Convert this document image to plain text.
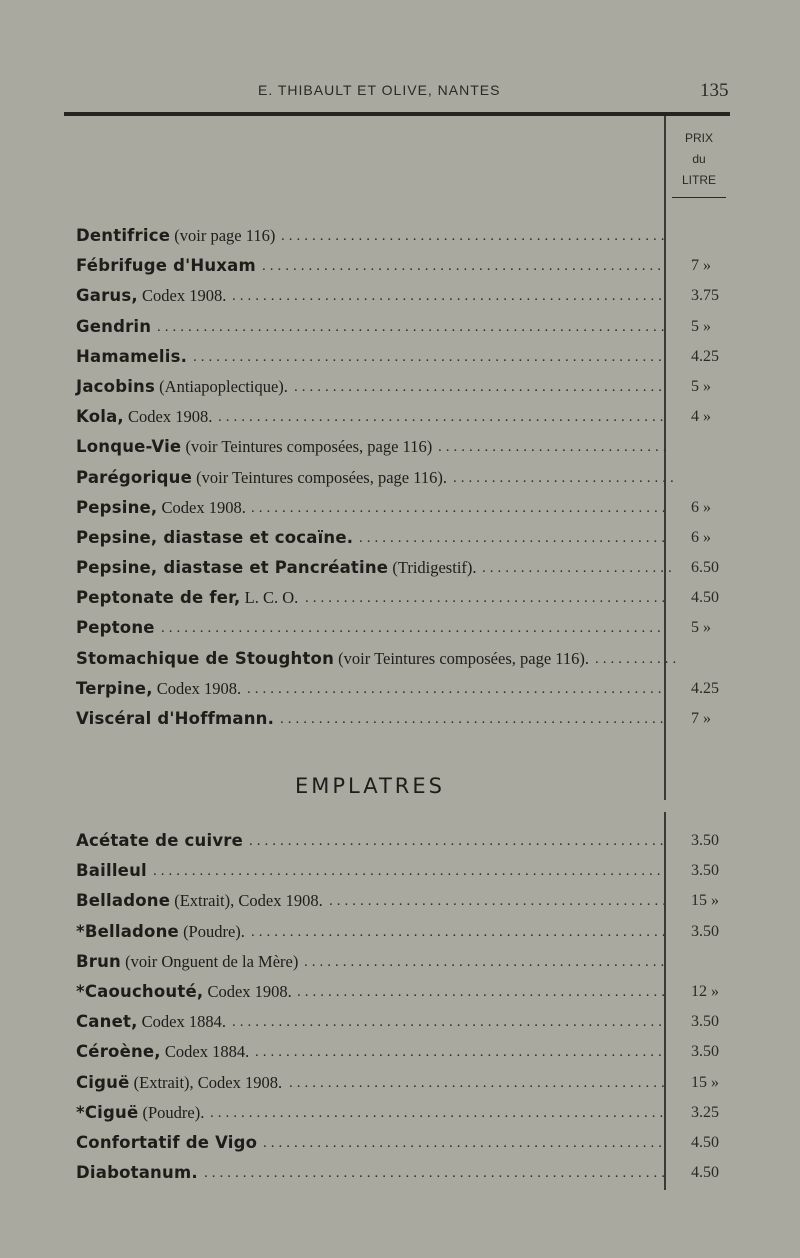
E. THIBAULT ET OLIVE, NANTES	135
PRIX
du
LITRE
Dentifrice (voir page 116) ..................................................
Fébrifuge d'Huxam .................................................... 7 »
Garus, Codex 1908. ........................................................ 3.75
Gendrin .................................................................. 5 »
Hamamelis. ............................................................. 4.25
Jacobins (Antiapoplectique). ................................................ 5 »
Kola, Codex 1908. .......................................................... 4 »
Lonque-Vie (voir Teintures composées, page 116) ..............................
Parégorique (voir Teintures composées, page 116). .............................
Pepsine, Codex 1908. ...................................................... 6 »
Pepsine, diastase et cocaïne. ........................................ 6 »
Pepsine, diastase et Pancréatine (Tridigestif). ......................... 6.50
Peptonate de fer, L. C. O. ............................................... 4.50
Peptone ................................................................. 5 »
Stomachique de Stoughton (voir Teintures composées, page 116). ...........
Terpine, Codex 1908. ...................................................... 4.25
Viscéral d'Hoffmann. .................................................. 7 »
EMPLATRES
Acétate de cuivre ...................................................... 3.50
Bailleul .................................................................. 3.50
Belladone (Extrait), Codex 1908. ............................................ 15 »
*Belladone (Poudre). ...................................................... 3.50
Brun (voir Onguent de la Mère) ...............................................
*Caouchouté, Codex 1908. ................................................ 12 »
Canet, Codex 1884. ........................................................ 3.50
Céroène, Codex 1884. ..................................................... 3.50
Ciguë (Extrait), Codex 1908. ................................................. 15 »
*Ciguë (Poudre). ........................................................... 3.25
Confortatif de Vigo .................................................... 4.50
Diabotanum. ............................................................ 4.50
